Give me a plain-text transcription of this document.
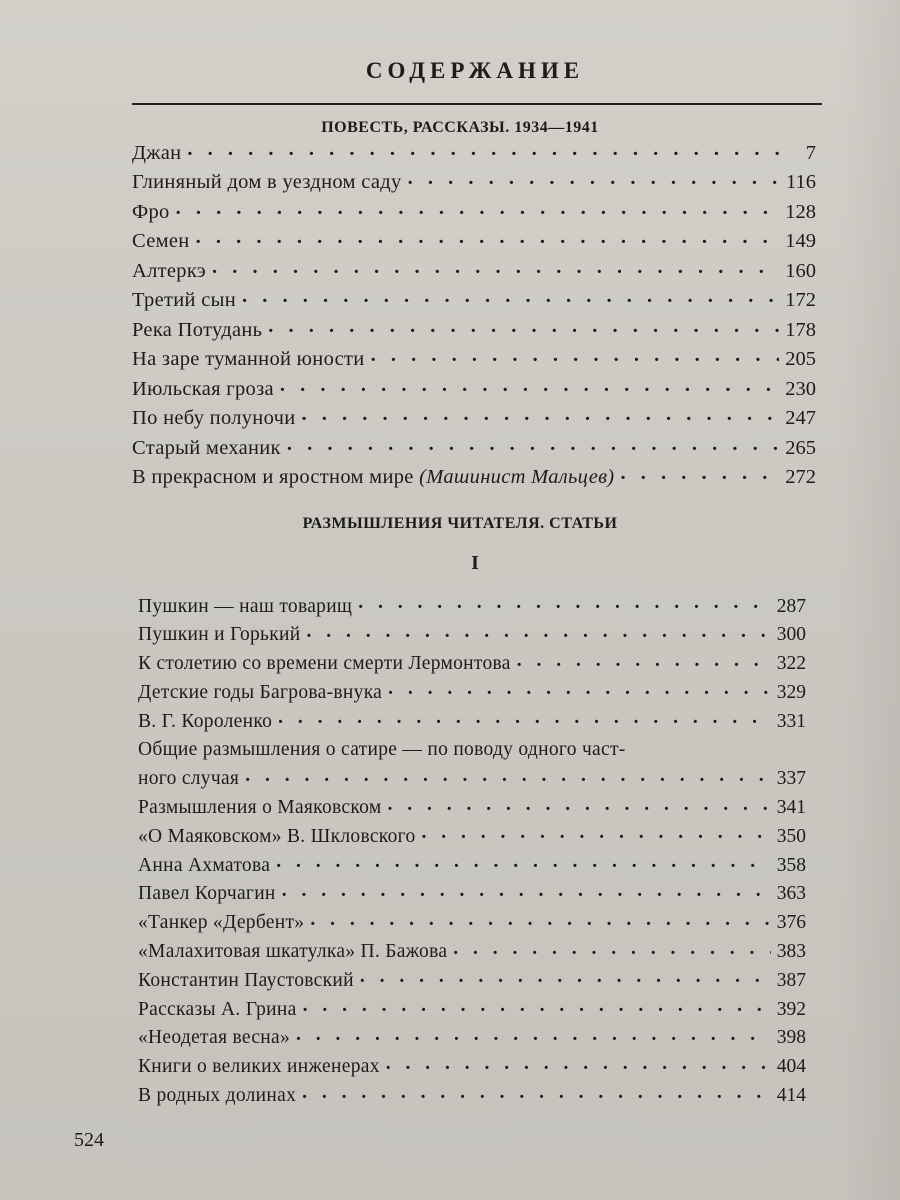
СОДЕРЖАНИЕ
ПОВЕСТЬ, РАССКАЗЫ. 1934—1941
Джан . . .	7
Глиняный дом в уездном саду . . .	116
Фро . . .	128
Семен . . .	149
Алтеркэ . . .	160
Третий сын . . .	172
Река Потудань . . .	178
На заре туманной юности . . .	205
Июльская гроза . . .	230
По небу полуночи . . .	247
Старый механик . . .	265
В прекрасном и яростном мире (Машинист Мальцев) . . .	272
РАЗМЫШЛЕНИЯ ЧИТАТЕЛЯ. СТАТЬИ
I
Пушкин — наш товарищ . . .	287
Пушкин и Горький . . .	300
К столетию со времени смерти Лермонтова . . .	322
Детские годы Багрова-внука . . .	329
В. Г. Короленко . . .	331
Общие размышления о сатире — по поводу одного част-
ного случая . . .	337
Размышления о Маяковском . . .	341
«О Маяковском» В. Шкловского . . .	350
Анна Ахматова . . .	358
Павел Корчагин . . .	363
«Танкер «Дербент» . . .	376
«Малахитовая шкатулка» П. Бажова . . .	383
Константин Паустовский . . .	387
Рассказы А. Грина . . .	392
«Неодетая весна» . . .	398
Книги о великих инженерах . . .	404
В родных долинах . . .	414
524
